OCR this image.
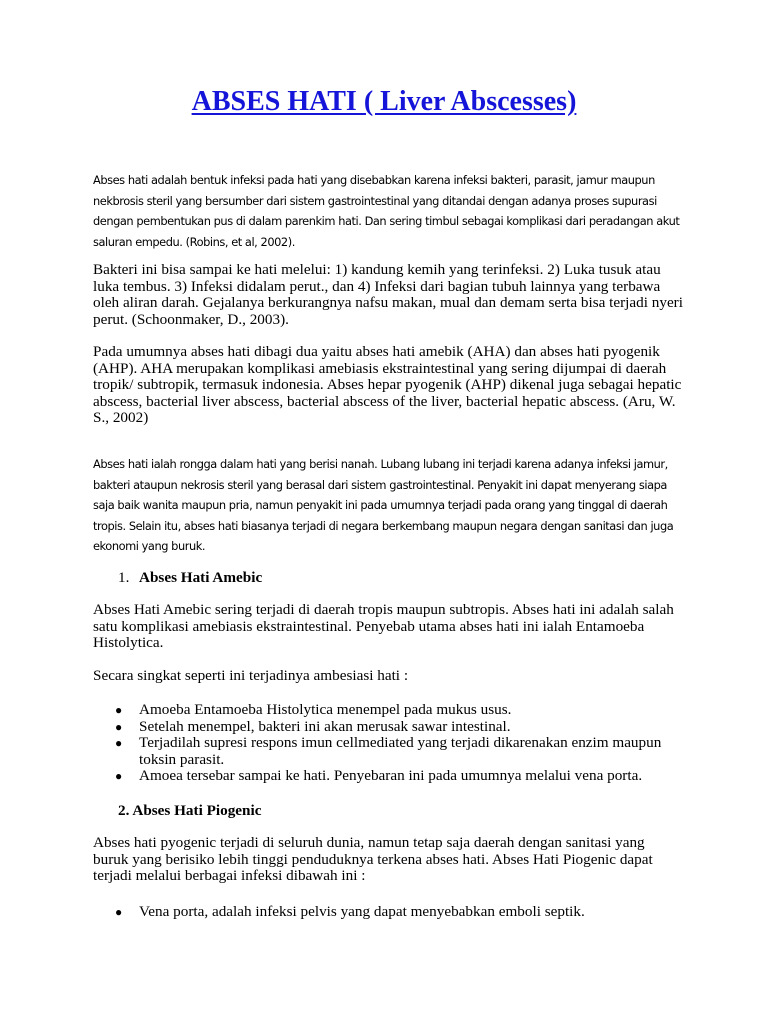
ABSES HATI ( Liver Abscesses)

Abses hati adalah bentuk infeksi pada hati yang disebabkan karena infeksi bakteri, parasit, jamur maupun nekbrosis steril yang bersumber dari sistem gastrointestinal yang ditandai dengan adanya proses supurasi dengan pembentukan pus di dalam parenkim hati. Dan sering timbul sebagai komplikasi dari peradangan akut saluran empedu. (Robins, et al, 2002).

Bakteri ini bisa sampai ke hati melelui: 1) kandung kemih yang terinfeksi. 2) Luka tusuk atau luka tembus. 3) Infeksi didalam perut., dan 4) Infeksi dari bagian tubuh lainnya yang terbawa oleh aliran darah. Gejalanya berkurangnya nafsu makan, mual dan demam serta bisa terjadi nyeri perut. (Schoonmaker, D., 2003).

Pada umumnya abses hati dibagi dua yaitu abses hati amebik (AHA) dan abses hati pyogenik (AHP). AHA merupakan komplikasi amebiasis ekstraintestinal yang sering dijumpai di daerah tropik/ subtropik, termasuk indonesia. Abses hepar pyogenik (AHP) dikenal juga sebagai hepatic abscess, bacterial liver abscess, bacterial abscess of the liver, bacterial hepatic abscess. (Aru, W. S., 2002)

Abses hati ialah rongga dalam hati yang berisi nanah. Lubang lubang ini terjadi karena adanya infeksi jamur, bakteri ataupun nekrosis steril yang berasal dari sistem gastrointestinal. Penyakit ini dapat menyerang siapa saja baik wanita maupun pria, namun penyakit ini pada umumnya terjadi pada orang yang tinggal di daerah tropis. Selain itu, abses hati biasanya terjadi di negara berkembang maupun negara dengan sanitasi dan juga ekonomi yang buruk.

1. Abses Hati Amebic

Abses Hati Amebic sering terjadi di daerah tropis maupun subtropis. Abses hati ini adalah salah satu komplikasi amebiasis ekstraintestinal. Penyebab utama abses hati ini ialah Entamoeba Histolytica.

Secara singkat seperti ini terjadinya ambesiasi hati :

● Amoeba Entamoeba Histolytica menempel pada mukus usus.
● Setelah menempel, bakteri ini akan merusak sawar intestinal.
● Terjadilah supresi respons imun cellmediated yang terjadi dikarenakan enzim maupun toksin parasit.
● Amoea tersebar sampai ke hati. Penyebaran ini pada umumnya melalui vena porta.
2. Abses Hati Piogenic

Abses hati pyogenic terjadi di seluruh dunia, namun tetap saja daerah dengan sanitasi yang buruk yang berisiko lebih tinggi penduduknya terkena abses hati. Abses Hati Piogenic dapat terjadi melalui berbagai infeksi dibawah ini :

● Vena porta, adalah infeksi pelvis yang dapat menyebabkan emboli septik.
